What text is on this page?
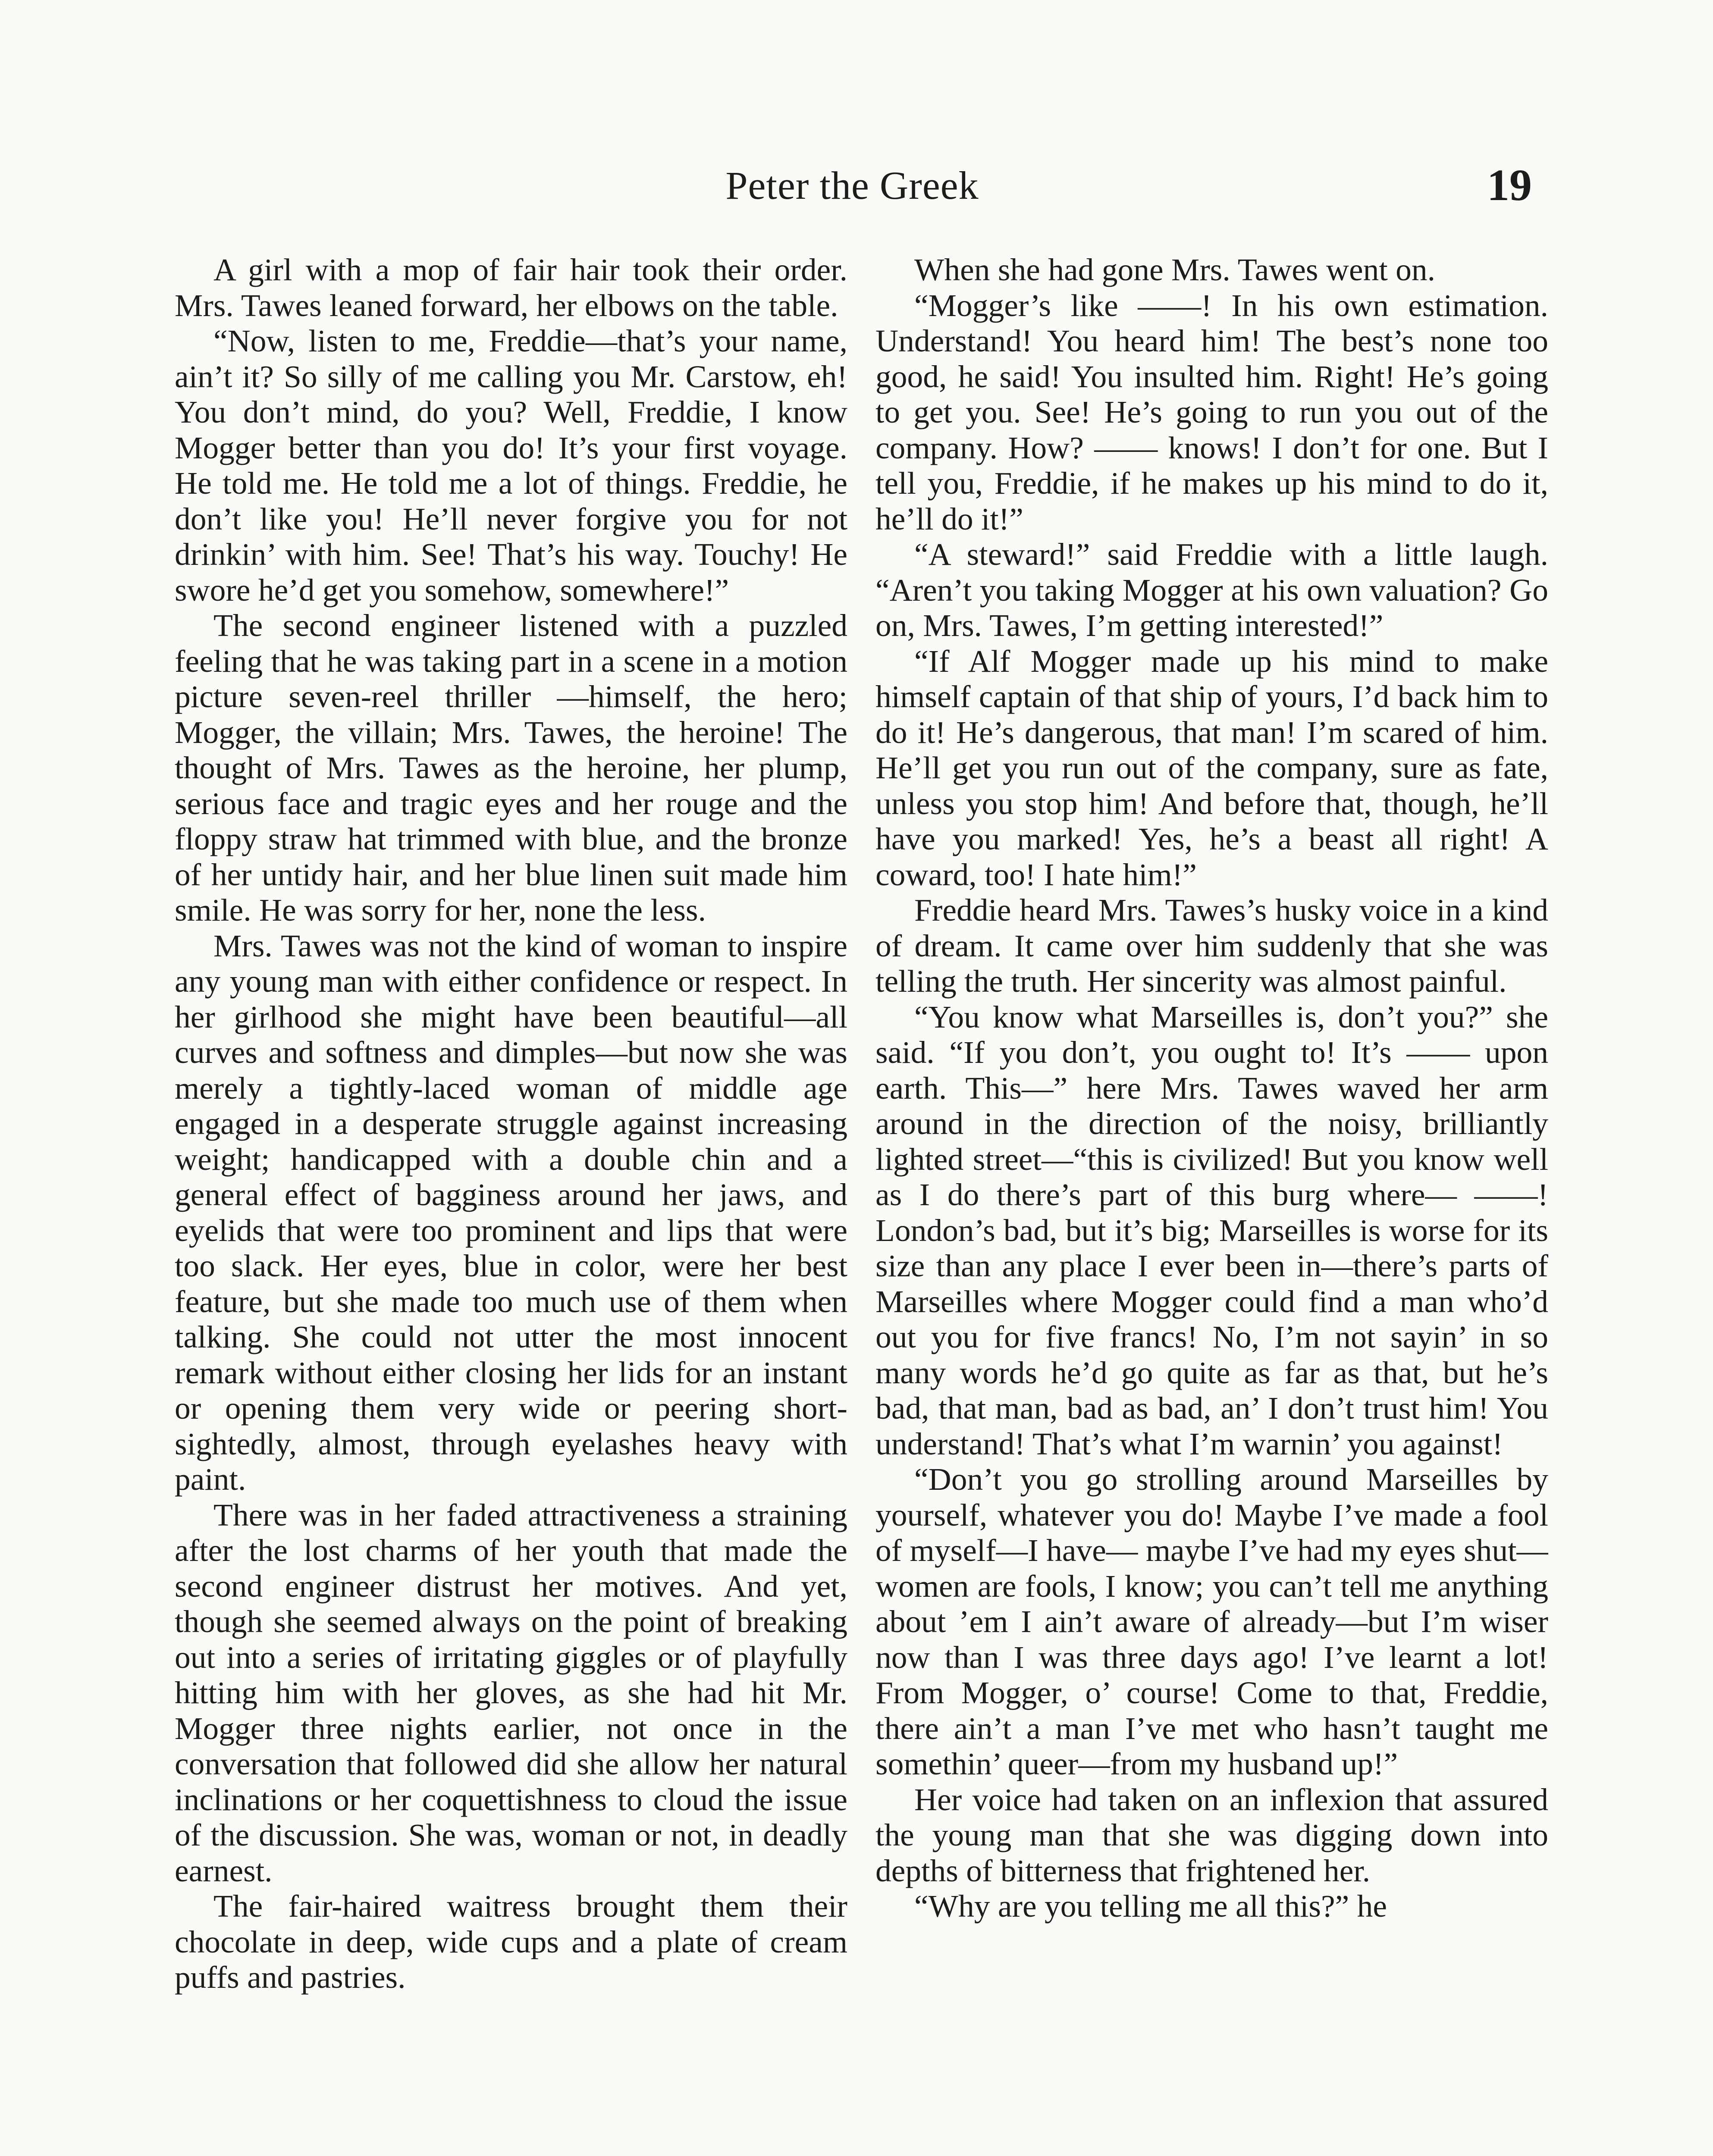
Peter the Greek	19

A girl with a mop of fair hair took their order. Mrs. Tawes leaned forward, her elbows on the table.

“Now, listen to me, Freddie—that’s your name, ain’t it? So silly of me calling you Mr. Carstow, eh! You don’t mind, do you? Well, Freddie, I know Mogger better than you do! It’s your first voyage. He told me. He told me a lot of things. Freddie, he don’t like you! He’ll never forgive you for not drinkin’ with him. See! That’s his way. Touchy! He swore he’d get you somehow, somewhere!”

The second engineer listened with a puzzled feeling that he was taking part in a scene in a motion picture seven-reel thriller —himself, the hero; Mogger, the villain; Mrs. Tawes, the heroine! The thought of Mrs. Tawes as the heroine, her plump, serious face and tragic eyes and her rouge and the floppy straw hat trimmed with blue, and the bronze of her untidy hair, and her blue linen suit made him smile. He was sorry for her, none the less.

Mrs. Tawes was not the kind of woman to inspire any young man with either confidence or respect. In her girlhood she might have been beautiful—all curves and softness and dimples—but now she was merely a tightly-laced woman of middle age engaged in a desperate struggle against increasing weight; handicapped with a double chin and a general effect of bagginess around her jaws, and eyelids that were too prominent and lips that were too slack. Her eyes, blue in color, were her best feature, but she made too much use of them when talking. She could not utter the most innocent remark without either closing her lids for an instant or opening them very wide or peering short-sightedly, almost, through eyelashes heavy with paint.

There was in her faded attractiveness a straining after the lost charms of her youth that made the second engineer distrust her motives. And yet, though she seemed always on the point of breaking out into a series of irritating giggles or of playfully hitting him with her gloves, as she had hit Mr. Mogger three nights earlier, not once in the conversation that followed did she allow her natural inclinations or her coquettishness to cloud the issue of the discussion. She was, woman or not, in deadly earnest.

The fair-haired waitress brought them their chocolate in deep, wide cups and a plate of cream puffs and pastries.

When she had gone Mrs. Tawes went on.

“Mogger’s like ——! In his own estimation. Understand! You heard him! The best’s none too good, he said! You insulted him. Right! He’s going to get you. See! He’s going to run you out of the company. How? —— knows! I don’t for one. But I tell you, Freddie, if he makes up his mind to do it, he’ll do it!”

“A steward!” said Freddie with a little laugh. “Aren’t you taking Mogger at his own valuation? Go on, Mrs. Tawes, I’m getting interested!”

“If Alf Mogger made up his mind to make himself captain of that ship of yours, I’d back him to do it! He’s dangerous, that man! I’m scared of him. He’ll get you run out of the company, sure as fate, unless you stop him! And before that, though, he’ll have you marked! Yes, he’s a beast all right! A coward, too! I hate him!”

Freddie heard Mrs. Tawes’s husky voice in a kind of dream. It came over him suddenly that she was telling the truth. Her sincerity was almost painful.

“You know what Marseilles is, don’t you?” she said. “If you don’t, you ought to! It’s —— upon earth. This—” here Mrs. Tawes waved her arm around in the direction of the noisy, brilliantly lighted street—“this is civilized! But you know well as I do there’s part of this burg where— ——! London’s bad, but it’s big; Marseilles is worse for its size than any place I ever been in—there’s parts of Marseilles where Mogger could find a man who’d out you for five francs! No, I’m not sayin’ in so many words he’d go quite as far as that, but he’s bad, that man, bad as bad, an’ I don’t trust him! You understand! That’s what I’m warnin’ you against!

“Don’t you go strolling around Marseilles by yourself, whatever you do! Maybe I’ve made a fool of myself—I have— maybe I’ve had my eyes shut—women are fools, I know; you can’t tell me anything about ’em I ain’t aware of already—but I’m wiser now than I was three days ago! I’ve learnt a lot! From Mogger, o’ course! Come to that, Freddie, there ain’t a man I’ve met who hasn’t taught me somethin’ queer—from my husband up!”

Her voice had taken on an inflexion that assured the young man that she was digging down into depths of bitterness that frightened her.

“Why are you telling me all this?” he
